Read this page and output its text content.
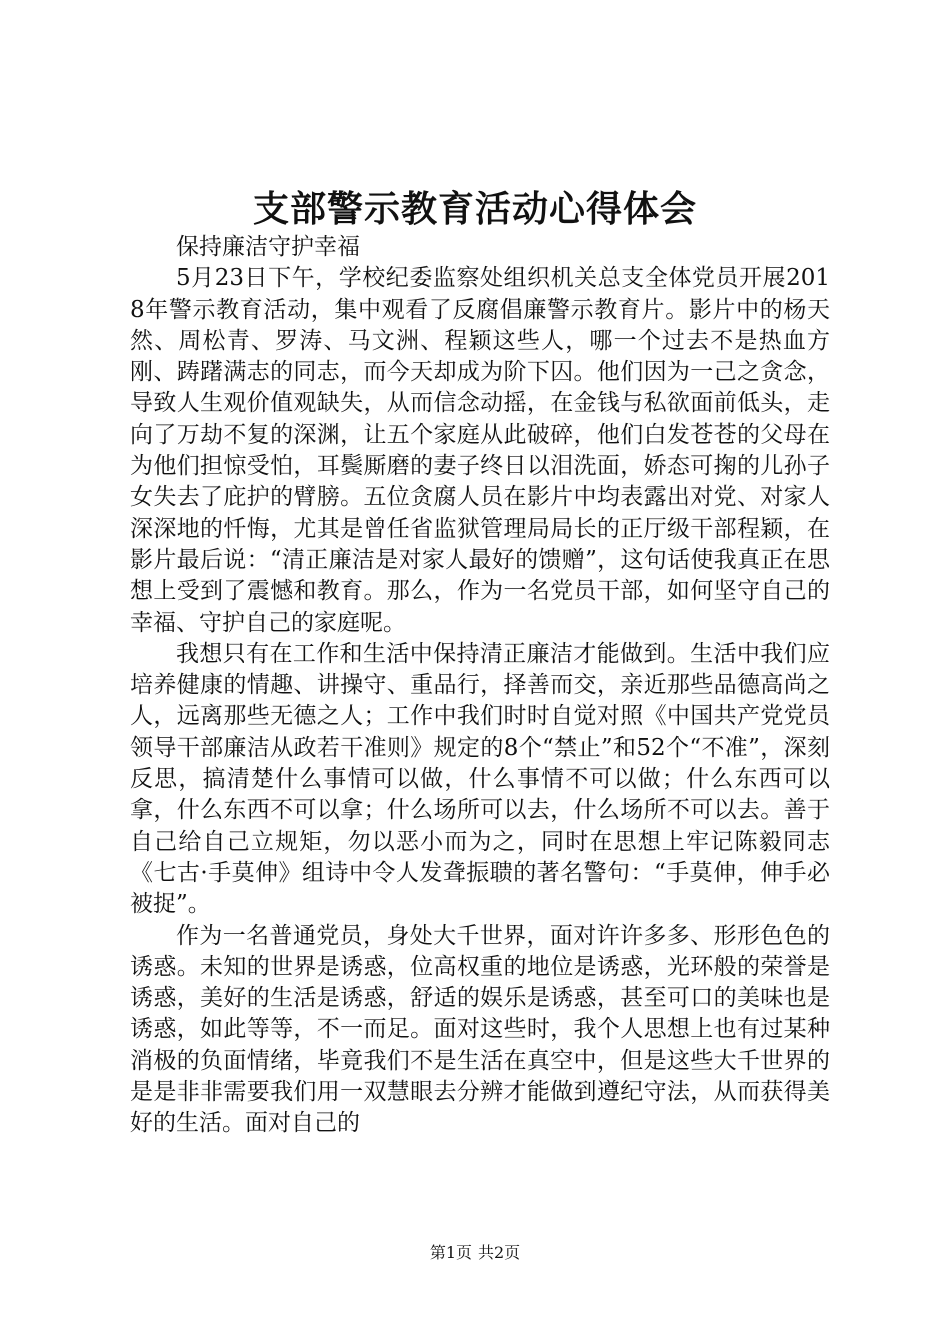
支部警示教育活动心得体会

保持廉洁守护幸福

5月23日下午，学校纪委监察处组织机关总支全体党员开展2018年警示教育活动，集中观看了反腐倡廉警示教育片。影片中的杨天然、周松青、罗涛、马文洲、程颖这些人，哪一个过去不是热血方刚、踌躇满志的同志，而今天却成为阶下囚。他们因为一己之贪念，导致人生观价值观缺失，从而信念动摇，在金钱与私欲面前低头，走向了万劫不复的深渊，让五个家庭从此破碎，他们白发苍苍的父母在为他们担惊受怕，耳鬓厮磨的妻子终日以泪洗面，娇态可掬的儿孙子女失去了庇护的臂膀。五位贪腐人员在影片中均表露出对党、对家人深深地的忏悔，尤其是曾任省监狱管理局局长的正厅级干部程颖，在影片最后说：“清正廉洁是对家人最好的馈赠”，这句话使我真正在思想上受到了震憾和教育。那么，作为一名党员干部，如何坚守自己的幸福、守护自己的家庭呢。

我想只有在工作和生活中保持清正廉洁才能做到。生活中我们应培养健康的情趣、讲操守、重品行，择善而交，亲近那些品德高尚之人，远离那些无德之人；工作中我们时时自觉对照《中国共产党党员领导干部廉洁从政若干准则》规定的8个“禁止”和52个“不准”，深刻反思，搞清楚什么事情可以做，什么事情不可以做；什么东西可以拿，什么东西不可以拿；什么场所可以去，什么场所不可以去。善于自己给自己立规矩，勿以恶小而为之，同时在思想上牢记陈毅同志《七古·手莫伸》组诗中令人发聋振聩的著名警句：“手莫伸，伸手必被捉”。

作为一名普通党员，身处大千世界，面对许许多多、形形色色的诱惑。未知的世界是诱惑，位高权重的地位是诱惑，光环般的荣誉是诱惑，美好的生活是诱惑，舒适的娱乐是诱惑，甚至可口的美味也是诱惑，如此等等，不一而足。面对这些时，我个人思想上也有过某种消极的负面情绪，毕竟我们不是生活在真空中，但是这些大千世界的是是非非需要我们用一双慧眼去分辨才能做到遵纪守法，从而获得美好的生活。面对自己的

第1页 共2页
